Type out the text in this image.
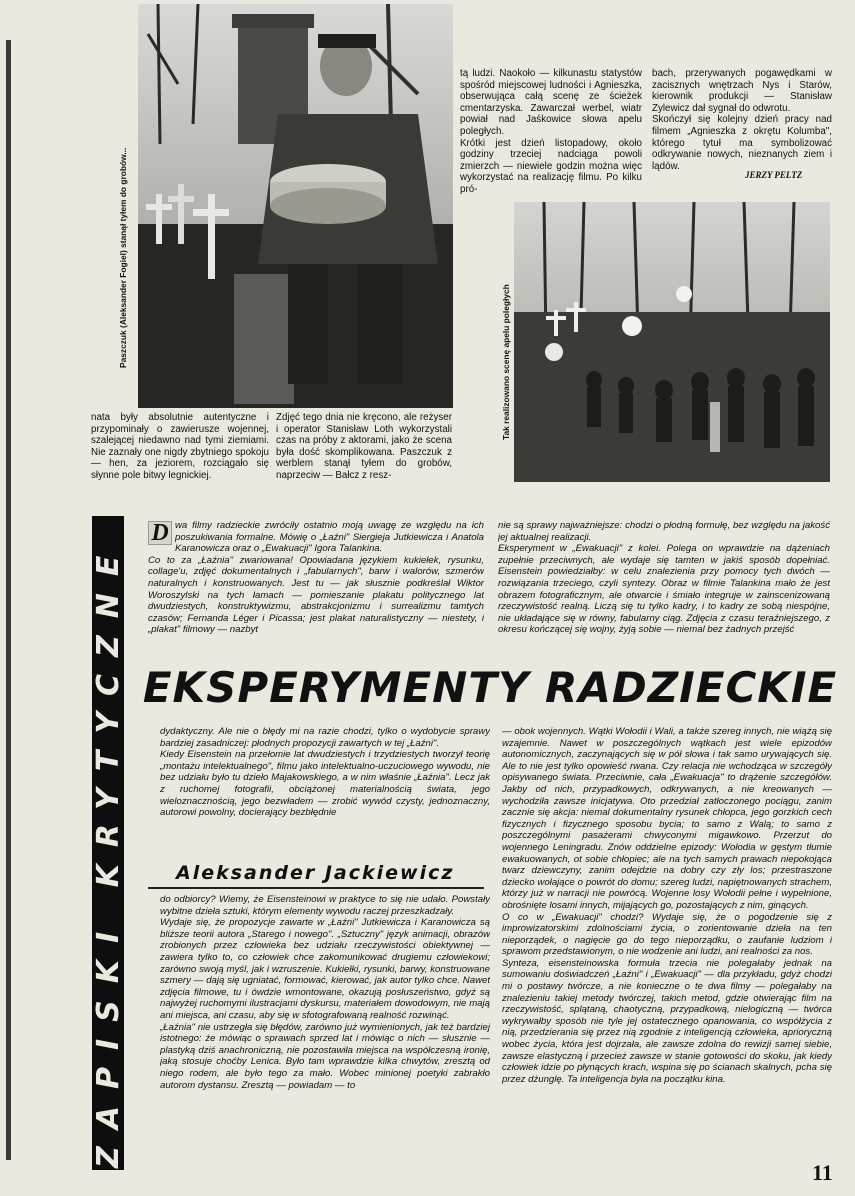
Paszczuk (Aleksander Fogiel) stanął tyłem do grobów...
nata były absolutnie autentyczne i przypominały o zawierusze wojennej, szalejącej niedawno nad tymi ziemiami. Nie zaznały one nigdy zbytniego spokoju — hen, za jeziorem, rozciągało się słynne pole bitwy legnickiej.
Zdjęć tego dnia nie kręcono, ale reżyser i operator Stanisław Loth wykorzystali czas na próby z aktorami, jako że scena była dość skomplikowana. Paszczuk z werblem stanął tyłem do grobów, naprzeciw — Bałcz z resz-
tą ludzi. Naokoło — kilkunastu statystów spośród miejscowej ludności i Agnieszka, obserwująca całą scenę ze ścieżek cmentarzyska. Zawarczał werbel, wiatr powiał nad Jaśkowice słowa apelu poległych.
Krótki jest dzień listopadowy, około godziny trzeciej nadciąga powoli zmierzch — niewiele godzin można więc wykorzystać na realizację filmu. Po kilku pró-
bach, przerywanych pogawędkami w zacisznych wnętrzach Nys i Starów, kierownik produkcji — Stanisław Zylewicz dał sygnał do odwrotu.
Skończył się kolejny dzień pracy nad filmem „Agnieszka z okrętu Kolumba", którego tytuł ma symbolizować odkrywanie nowych, nieznanych ziem i lądów.
JERZY PELTZ
Tak realizowano scenę apelu poległych
ZAPISKI KRYTYCZNE
D wa filmy radzieckie zwróciły ostatnio moją uwagę ze względu na ich poszukiwania formalne. Mówię o „Łaźni" Siergieja Jutkiewicza i Anatola Karanowicza oraz o „Ewakuacji" Igora Talankina.
Co to za „Łaźnia" zwariowana! Opowiadana językiem kukiełek, rysunku, collage'u, zdjęć dokumentalnych i „fabularnych", barw i walorów, szmerów naturalnych i konstruowanych. Jest tu — jak słusznie podkreślał Wiktor Woroszylski na tych łamach — pomieszanie plakatu politycznego lat dwudziestych, konstruktywizmu, abstrakcjonizmu i surrealizmu tamtych czasów; Fernanda Léger i Picassa; jest plakat naturalistyczny — niestety, i „plakat" filmowy — nazbyt
nie są sprawy najważniejsze: chodzi o płodną formułę, bez względu na jakość jej aktualnej realizacji.
Eksperyment w „Ewakuacji" z kolei. Polega on wprawdzie na dążeniach zupełnie przeciwnych, ale wydaje się tamten w jakiś sposób dopełniać. Eisenstein powiedziałby: w celu znalezienia przy pomocy tych dwóch — rozwiązania trzeciego, czyli syntezy. Obraz w filmie Talankina mało że jest obrazem fotograficznym, ale otwarcie i śmiało integruje w zainscenizowaną rzeczywistość realną. Liczą się tu tylko kadry, i to kadry ze sobą niespójne, nie układające się w równy, fabularny ciąg. Zdjęcia z czasu teraźniejszego, z okresu kończącej się wojny, żyją sobie — niemal bez żadnych przejść
EKSPERYMENTY RADZIECKIE
dydaktyczny. Ale nie o błędy mi na razie chodzi, tylko o wydobycie sprawy bardziej zasadniczej: płodnych propozycji zawartych w tej „Łaźni".
Kiedy Eisenstein na przełomie lat dwudziestych i trzydziestych tworzył teorię „montażu intelektualnego", filmu jako intelektualno-uczuciowego wywodu, nie bez udziału było tu dzieło Majakowskiego, a w nim właśnie „Łaźnia". Lecz jak z ruchomej fotografii, obciążonej materialnością świata, jego wieloznacznością, jego bezwładem — zrobić wywód czysty, jednoznaczny, autorowi powolny, docierający bezbłędnie
Aleksander Jackiewicz
do odbiorcy? Wiemy, że Eisensteinowi w praktyce to się nie udało. Powstały wybitne dzieła sztuki, którym elementy wywodu raczej przeszkadzały.
Wydaje się, że propozycje zawarte w „Łaźni" Jutkiewicza i Karanowicza są bliższe teorii autora „Starego i nowego". „Sztuczny" język animacji, obrazów zrobionych przez człowieka bez udziału rzeczywistości obiektywnej — zawiera tylko to, co człowiek chce zakomunikować drugiemu człowiekowi; zarówno swoją myśl, jak i wzruszenie. Kukiełki, rysunki, barwy, konstruowane szmery — dają się ugniatać, formować, kierować, jak autor tylko chce. Nawet zdjęcia filmowe, tu i ówdzie wmontowane, okazują posłuszeństwo, gdyż są najwyżej ruchomymi ilustracjami dyskursu, materiałem dowodowym, nie mają ani miejsca, ani czasu, aby się w sfotografowaną realność rozwinąć.
„Łaźnia" nie ustrzegła się błędów, zarówno już wymienionych, jak też bardziej istotnego: że mówiąc o sprawach sprzed lat i mówiąc o nich — słusznie — plastyką dziś anachroniczną, nie pozostawiła miejsca na współczesną ironię, jaką stosuje choćby Lenica. Było tam wprawdzie kilka chwytów, zresztą od niego rodem, ale było tego za mało. Wobec minionej poetyki zabrakło autorom dystansu. Zresztą — powiadam — to
— obok wojennych. Wątki Wołodii i Wali, a także szereg innych, nie wiążą się wzajemnie. Nawet w poszczególnych wątkach jest wiele epizodów autonomicznych, zaczynających się w pół słowa i tak samo urywających się. Ale to nie jest tylko opowieść rwana. Czy relacja nie wchodząca w szczegóły opisywanego świata. Przeciwnie, cała „Ewakuacja" to drążenie szczegółów. Jakby od nich, przypadkowych, odkrywanych, a nie kreowanych — wychodziła zawsze inicjatywa. Oto przedział zatłoczonego pociągu, zanim zacznie się akcja: niemal dokumentalny rysunek chłopca, jego gorzkich cech fizycznych i fizycznego sposobu bycia; to samo z Walą; to samo z poszczególnymi pasażerami chwyconymi migawkowo. Przerzut do wojennego Leningradu. Znów oddzielne epizody: Wołodia w gęstym tłumie ewakuowanych, ot sobie chłopiec; ale na tych samych prawach niepokojąca twarz dziewczyny, zanim odejdzie na dobry czy zły los; przestraszone dziecko wołające o powrót do domu; szereg ludzi, napiętnowanych strachem, którzy już w narracji nie powrócą. Wojenne losy Wołodii pełne i wypełnione, obrośnięte losami innych, mijających go, pozostających z nim, ginących.
O co w „Ewakuacji" chodzi? Wydaje się, że o pogodzenie się z improwizatorskimi zdolnościami życia, o zorientowanie dzieła na ten nieporządek, o nagięcie go do tego nieporządku, o zaufanie ludziom i sprawom przedstawionym, o nie wodzenie ani ludzi, ani realności za nos.
Synteza, eisensteinowska formuła trzecia nie polegałaby jednak na sumowaniu doświadczeń „Łaźni" i „Ewakuacji" — dla przykładu, gdyż chodzi mi o postawy twórcze, a nie konieczne o te dwa filmy — polegałaby na znalezieniu takiej metody twórczej, takich metod, gdzie otwierając film na rzeczywistość, splątaną, chaotyczną, przypadkową, nielogiczną — twórca wykrywałby sposób nie tyle jej ostatecznego opanowania, co współżycia z nią, przedzierania się przez nią zgodnie z inteligencją człowieka, aprioryczną wobec życia, która jest dojrzała, ale zawsze zdolna do rewizji samej siebie, zawsze elastyczną i przecież zawsze w stanie gotowości do skoku, jak kiedy człowiek idzie po płynących krach, wspina się po ścianach skalnych, pcha się przez dżunglę. Ta inteligencja była na początku kina.
11
